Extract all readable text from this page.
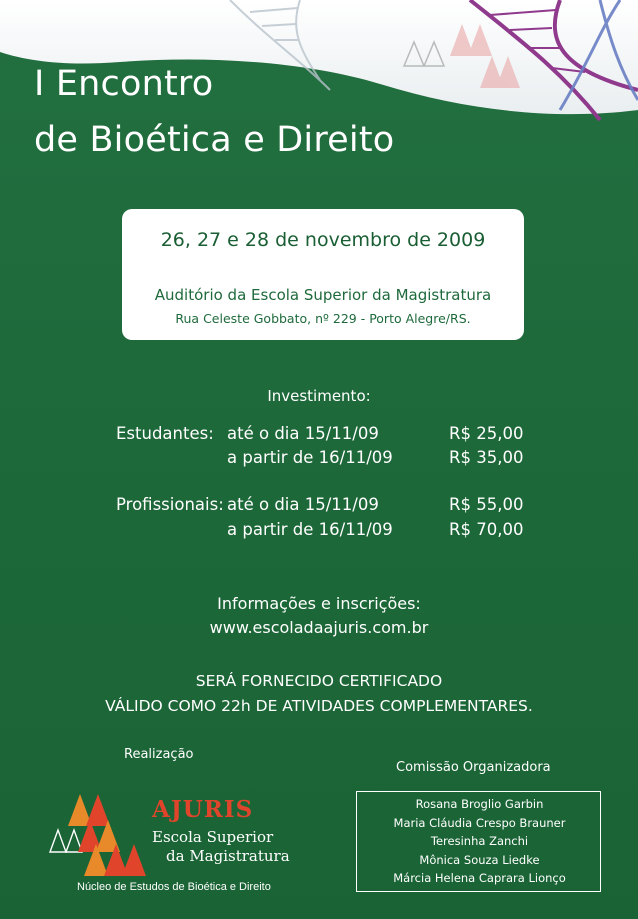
I Encontro
de Bioética e Direito
26, 27 e 28 de novembro de 2009
Auditório da Escola Superior da Magistratura
Rua Celeste Gobbato, nº 229 - Porto Alegre/RS.
Investimento:
Estudantes: até o dia 15/11/09	R$ 25,00
a partir de 16/11/09	R$ 35,00
Profissionais: até o dia 15/11/09	R$ 55,00
a partir de 16/11/09	R$ 70,00
Informações e inscrições:
www.escoladaajuris.com.br
SERÁ FORNECIDO CERTIFICADO
VÁLIDO COMO 22h DE ATIVIDADES COMPLEMENTARES.
Realização
AJURIS
Escola Superior
da Magistratura
Núcleo de Estudos de Bioética e Direito
Comissão Organizadora
Rosana Broglio Garbin
Maria Cláudia Crespo Brauner
Teresinha Zanchi
Mônica Souza Liedke
Márcia Helena Caprara Lionço
